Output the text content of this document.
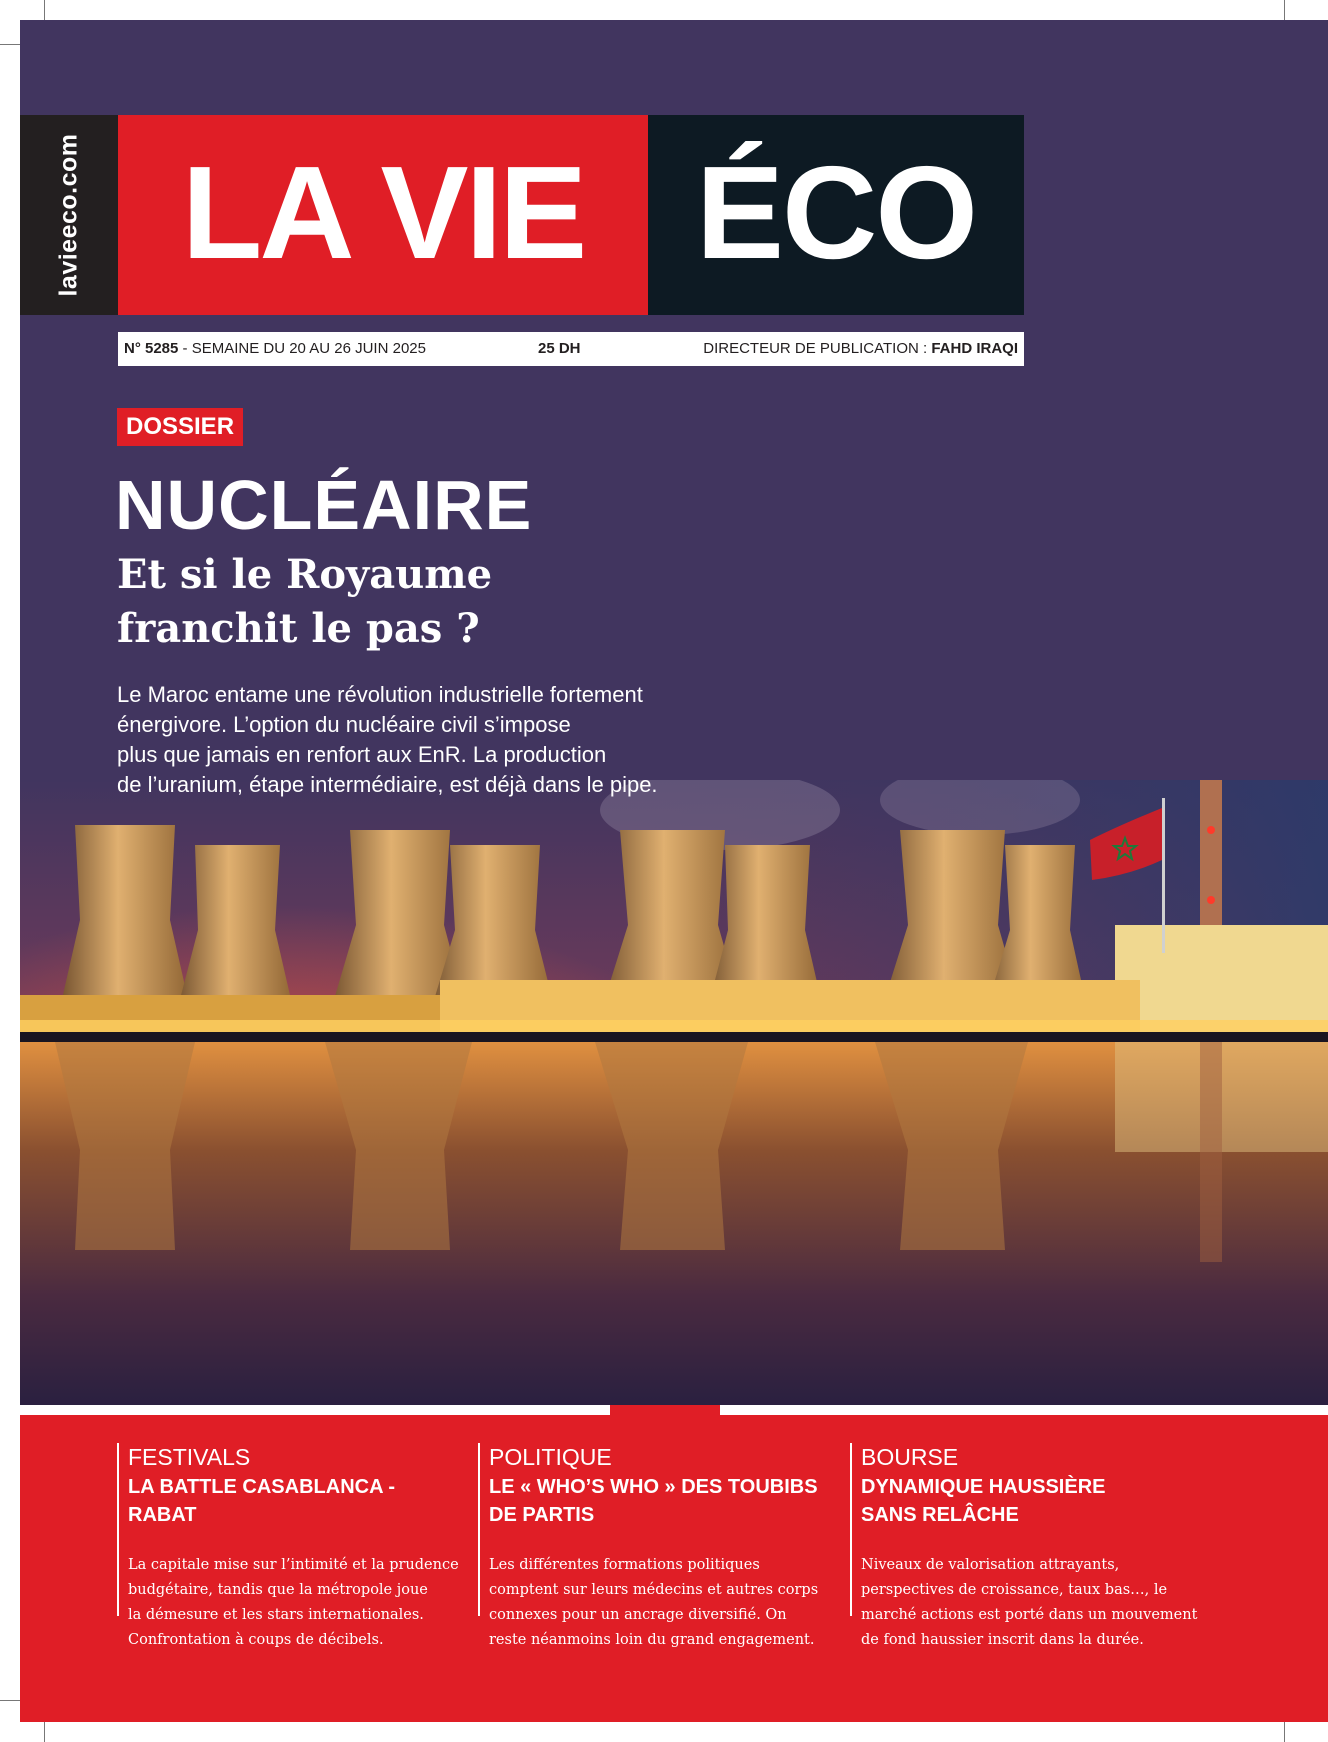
lavieeco.com LA VIE ÉCO
N° 5285 - SEMAINE DU 20 AU 26 JUIN 2025	25 DH	DIRECTEUR DE PUBLICATION : FAHD IRAQI
DOSSIER
NUCLÉAIRE
Et si le Royaume
franchit le pas ?
Le Maroc entame une révolution industrielle fortement
énergivore. L’option du nucléaire civil s’impose
plus que jamais en renfort aux EnR. La production
de l’uranium, étape intermédiaire, est déjà dans le pipe.
FESTIVALS
LA BATTLE CASABLANCA -
RABAT
La capitale mise sur l’intimité et la prudence
budgétaire, tandis que la métropole joue
la démesure et les stars internationales.
Confrontation à coups de décibels.
POLITIQUE
LE « WHO’S WHO » DES TOUBIBS
DE PARTIS
Les différentes formations politiques
comptent sur leurs médecins et autres corps
connexes pour un ancrage diversifié. On
reste néanmoins loin du grand engagement.
BOURSE
DYNAMIQUE HAUSSIÈRE
SANS RELÂCHE
Niveaux de valorisation attrayants,
perspectives de croissance, taux bas…, le
marché actions est porté dans un mouvement
de fond haussier inscrit dans la durée.
